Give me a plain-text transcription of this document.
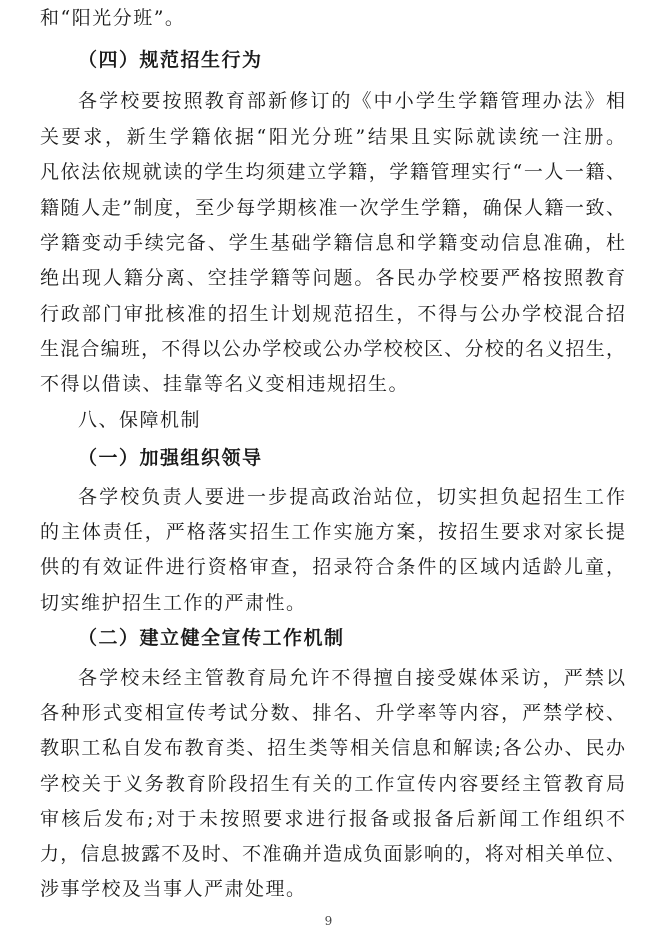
和“阳光分班”。
（四）规范招生行为
各学校要按照教育部新修订的《中小学生学籍管理办法》相
关要求，新生学籍依据“阳光分班”结果且实际就读统一注册。
凡依法依规就读的学生均须建立学籍，学籍管理实行“一人一籍、
籍随人走”制度，至少每学期核准一次学生学籍，确保人籍一致、
学籍变动手续完备、学生基础学籍信息和学籍变动信息准确，杜
绝出现人籍分离、空挂学籍等问题。各民办学校要严格按照教育
行政部门审批核准的招生计划规范招生，不得与公办学校混合招
生混合编班，不得以公办学校或公办学校校区、分校的名义招生，
不得以借读、挂靠等名义变相违规招生。
八、保障机制
（一）加强组织领导
各学校负责人要进一步提高政治站位，切实担负起招生工作
的主体责任，严格落实招生工作实施方案，按招生要求对家长提
供的有效证件进行资格审查，招录符合条件的区域内适龄儿童，
切实维护招生工作的严肃性。
（二）建立健全宣传工作机制
各学校未经主管教育局允许不得擅自接受媒体采访，严禁以
各种形式变相宣传考试分数、排名、升学率等内容，严禁学校、
教职工私自发布教育类、招生类等相关信息和解读;各公办、民办
学校关于义务教育阶段招生有关的工作宣传内容要经主管教育局
审核后发布;对于未按照要求进行报备或报备后新闻工作组织不
力，信息披露不及时、不准确并造成负面影响的，将对相关单位、
涉事学校及当事人严肃处理。
9
